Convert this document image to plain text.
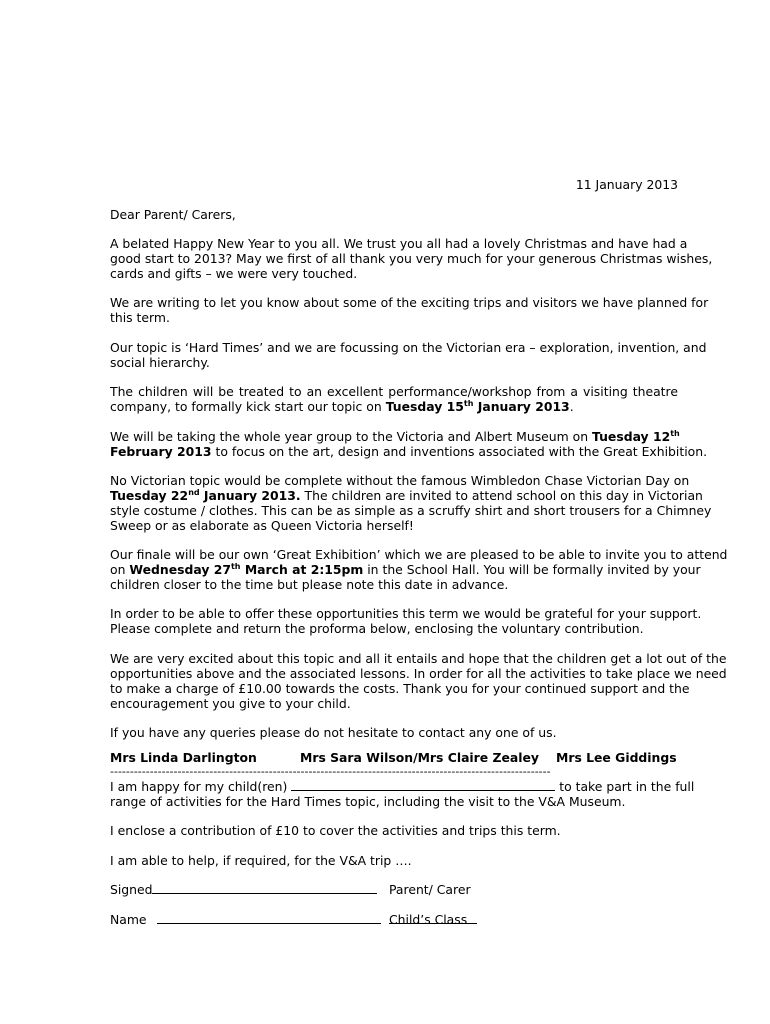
11 January 2013
Dear Parent/ Carers,
A belated Happy New Year to you all. We trust you all had a lovely Christmas and have had a
good start to 2013? May we first of all thank you very much for your generous Christmas wishes,
cards and gifts – we were very touched.
We are writing to let you know about some of the exciting trips and visitors we have planned for
this term.
Our topic is ‘Hard Times’ and we are focussing on the Victorian era – exploration, invention, and
social hierarchy.
The children will be treated to an excellent performance/workshop from a visiting theatre
company, to formally kick start our topic on Tuesday 15th January 2013.
We will be taking the whole year group to the Victoria and Albert Museum on Tuesday 12th
February 2013 to focus on the art, design and inventions associated with the Great Exhibition.
No Victorian topic would be complete without the famous Wimbledon Chase Victorian Day on
Tuesday 22nd January 2013. The children are invited to attend school on this day in Victorian
style costume / clothes. This can be as simple as a scruffy shirt and short trousers for a Chimney
Sweep or as elaborate as Queen Victoria herself!
Our finale will be our own ‘Great Exhibition’ which we are pleased to be able to invite you to attend
on Wednesday 27th March at 2:15pm in the School Hall. You will be formally invited by your
children closer to the time but please note this date in advance.
In order to be able to offer these opportunities this term we would be grateful for your support.
Please complete and return the proforma below, enclosing the voluntary contribution.
We are very excited about this topic and all it entails and hope that the children get a lot out of the
opportunities above and the associated lessons. In order for all the activities to take place we need
to make a charge of £10.00 towards the costs. Thank you for your continued support and the
encouragement you give to your child.
If you have any queries please do not hesitate to contact any one of us.
Mrs Linda Darlington	Mrs Sara Wilson/Mrs Claire Zealey Mrs Lee Giddings
---------------------------------------------------------------------------------------------------------------
I am happy for my child(ren)	to take part in the full
range of activities for the Hard Times topic, including the visit to the V&A Museum.
I enclose a contribution of £10 to cover the activities and trips this term.
I am able to help, if required, for the V&A trip ….
Signed	Parent/ Carer
Name	Child’s Class
